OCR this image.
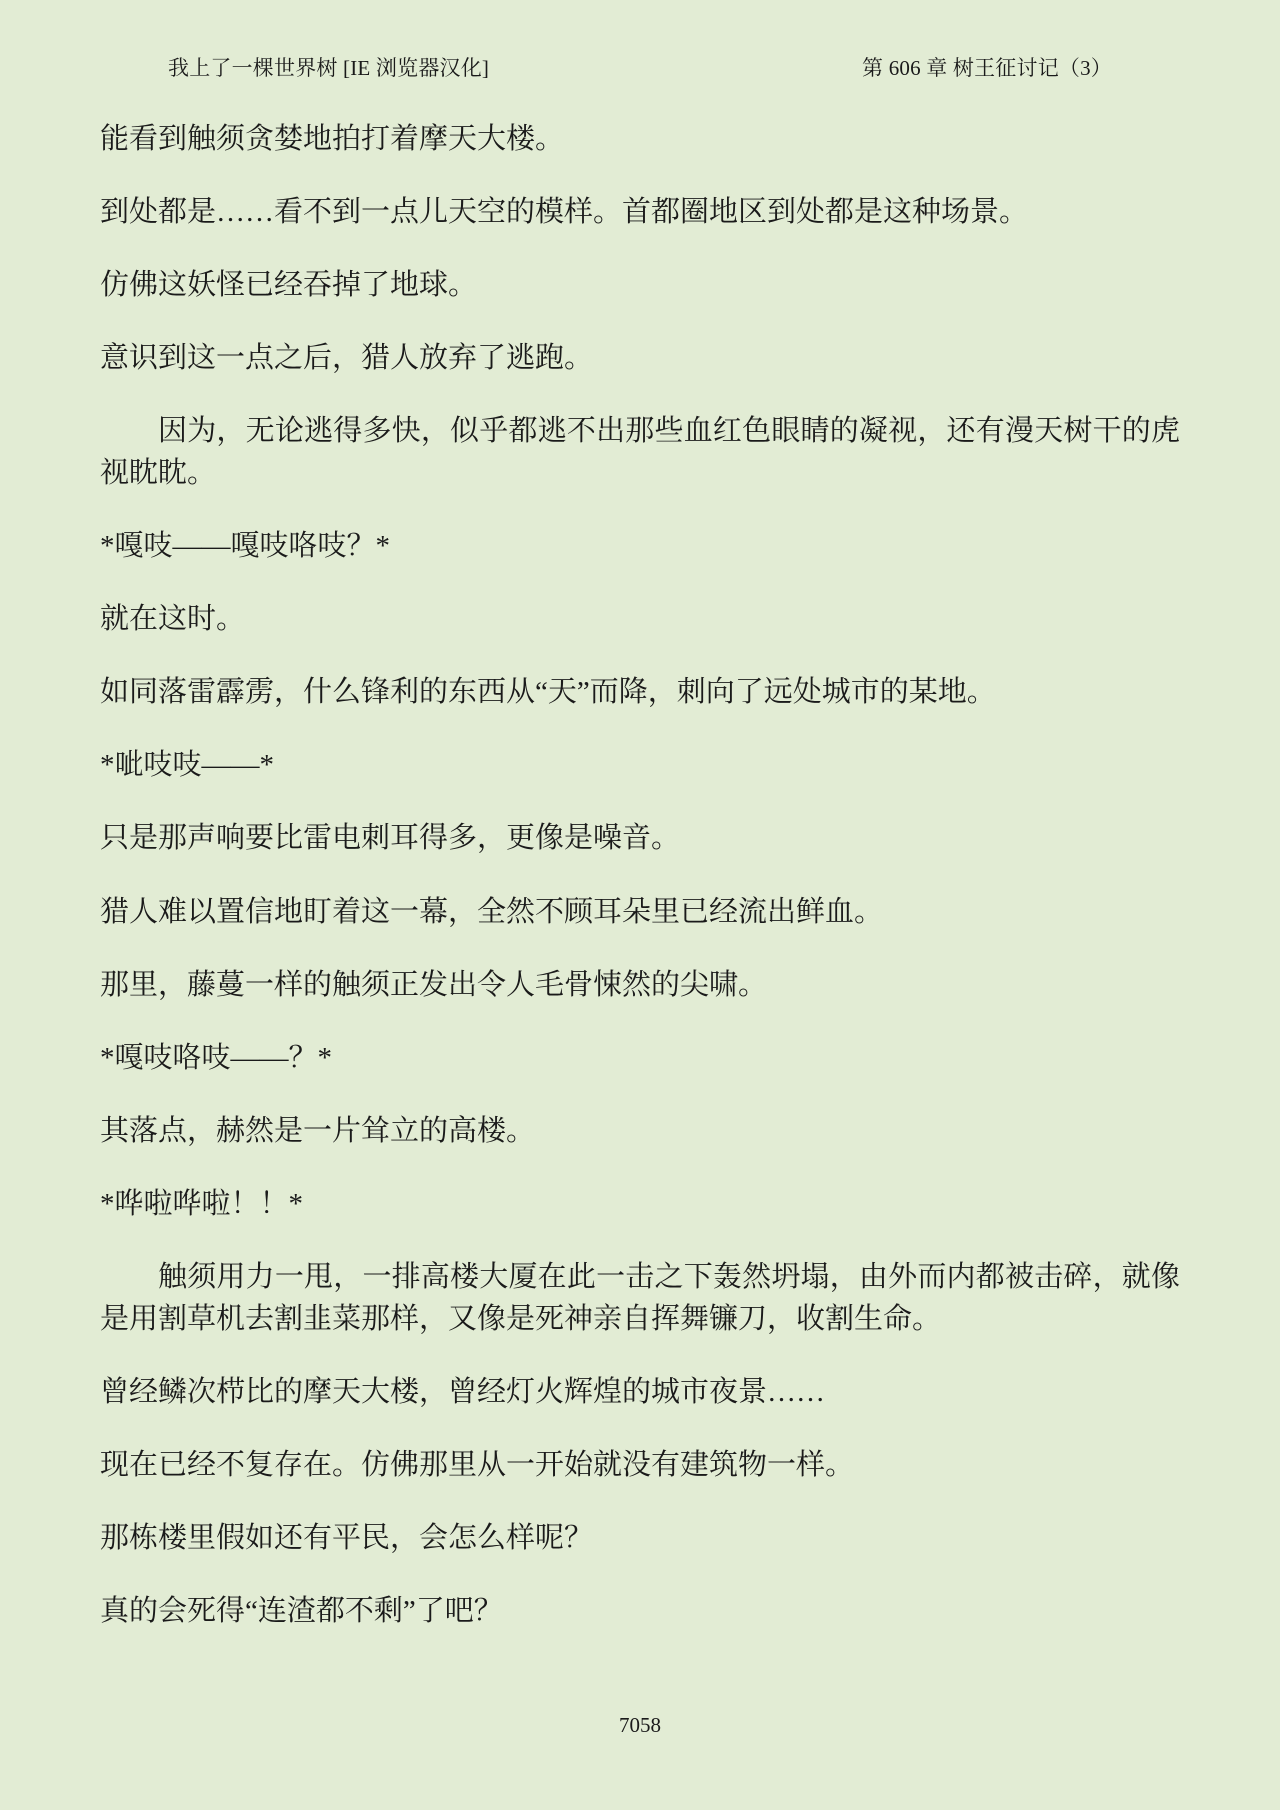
我上了一棵世界树 [IE 浏览器汉化]	第 606 章 树王征讨记（3）

能看到触须贪婪地拍打着摩天大楼。

到处都是……看不到一点儿天空的模样。首都圈地区到处都是这种场景。

仿佛这妖怪已经吞掉了地球。

意识到这一点之后，猎人放弃了逃跑。

因为，无论逃得多快，似乎都逃不出那些血红色眼睛的凝视，还有漫天树干的虎视眈眈。

*嘎吱——嘎吱咯吱？*

就在这时。

如同落雷霹雳，什么锋利的东西从“天”而降，刺向了远处城市的某地。

*呲吱吱——*

只是那声响要比雷电刺耳得多，更像是噪音。

猎人难以置信地盯着这一幕，全然不顾耳朵里已经流出鲜血。

那里，藤蔓一样的触须正发出令人毛骨悚然的尖啸。

*嘎吱咯吱——？*

其落点，赫然是一片耸立的高楼。

*哗啦哗啦！！*

触须用力一甩，一排高楼大厦在此一击之下轰然坍塌，由外而内都被击碎，就像是用割草机去割韭菜那样，又像是死神亲自挥舞镰刀，收割生命。

曾经鳞次栉比的摩天大楼，曾经灯火辉煌的城市夜景……

现在已经不复存在。仿佛那里从一开始就没有建筑物一样。

那栋楼里假如还有平民，会怎么样呢？

真的会死得“连渣都不剩”了吧？

7058
